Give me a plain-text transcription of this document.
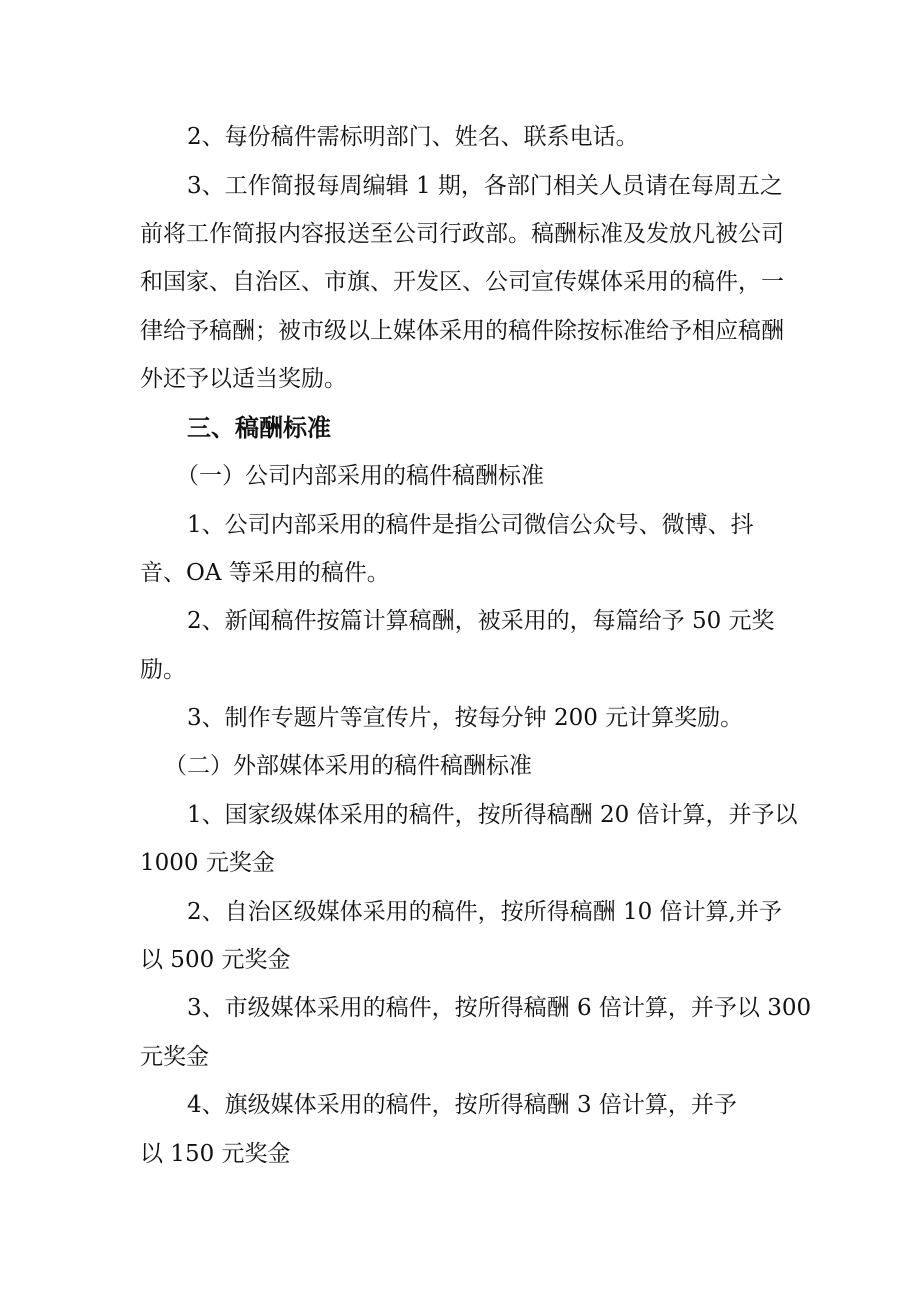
2、每份稿件需标明部门、姓名、联系电话。
3、工作简报每周编辑 1 期，各部门相关人员请在每周五之
前将工作简报内容报送至公司行政部。稿酬标准及发放凡被公司
和国家、自治区、市旗、开发区、公司宣传媒体采用的稿件，一
律给予稿酬；被市级以上媒体采用的稿件除按标准给予相应稿酬
外还予以适当奖励。
三、稿酬标准
（一）公司内部采用的稿件稿酬标准
1、公司内部采用的稿件是指公司微信公众号、微博、抖
音、OA 等采用的稿件。
2、新闻稿件按篇计算稿酬，被采用的，每篇给予 50 元奖
励。
3、制作专题片等宣传片，按每分钟 200 元计算奖励。
（二）外部媒体采用的稿件稿酬标准
1、国家级媒体采用的稿件，按所得稿酬 20 倍计算，并予以
1000 元奖金
2、自治区级媒体采用的稿件，按所得稿酬 10 倍计算,并予
以 500 元奖金
3、市级媒体采用的稿件，按所得稿酬 6 倍计算，并予以 300
元奖金
4、旗级媒体采用的稿件，按所得稿酬 3 倍计算，并予
以 150 元奖金
